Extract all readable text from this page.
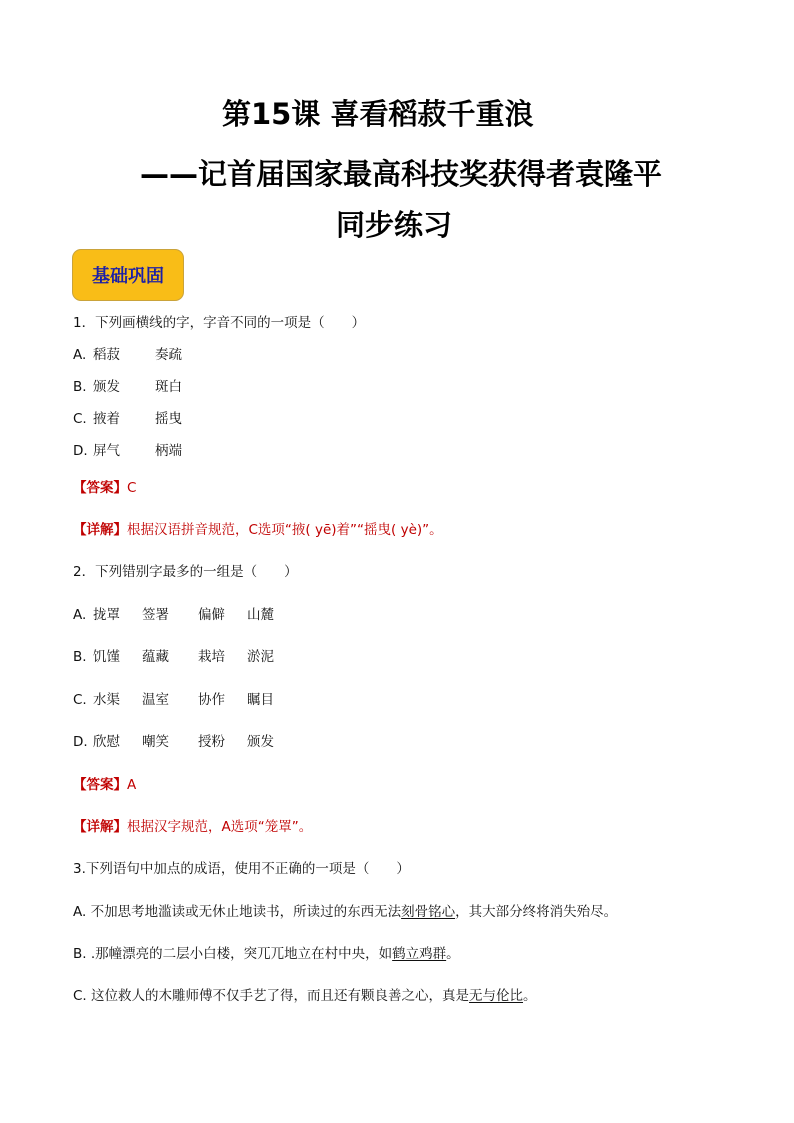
第15课 喜看稻菽千重浪
——记首届国家最高科技奖获得者袁隆平
同步练习
基础巩固
1．下列画横线的字，字音不同的一项是（　　）
A. 稻菽	奏疏
B. 颁发	斑白
C. 掖着	摇曳
D. 屏气	柄端
【答案】C
【详解】根据汉语拼音规范，C选项“掖( yē)着”“摇曳( yè)”。
2．下列错别字最多的一组是（　　）
A. 拢罩 签署 偏僻 山麓
B. 饥馑 蕴藏 栽培 淤泥
C. 水渠 温室 协作 瞩目
D. 欣慰 嘲笑 授粉 颁发
【答案】A
【详解】根据汉字规范，A选项“笼罩”。
3.下列语句中加点的成语，使用不正确的一项是（　　）
A. 不加思考地滥读或无休止地读书，所读过的东西无法刻骨铭心，其大部分终将消失殆尽。
B. .那幢漂亮的二层小白楼，突兀兀地立在村中央，如鹤立鸡群。
C. 这位救人的木雕师傅不仅手艺了得，而且还有颗良善之心，真是无与伦比。
